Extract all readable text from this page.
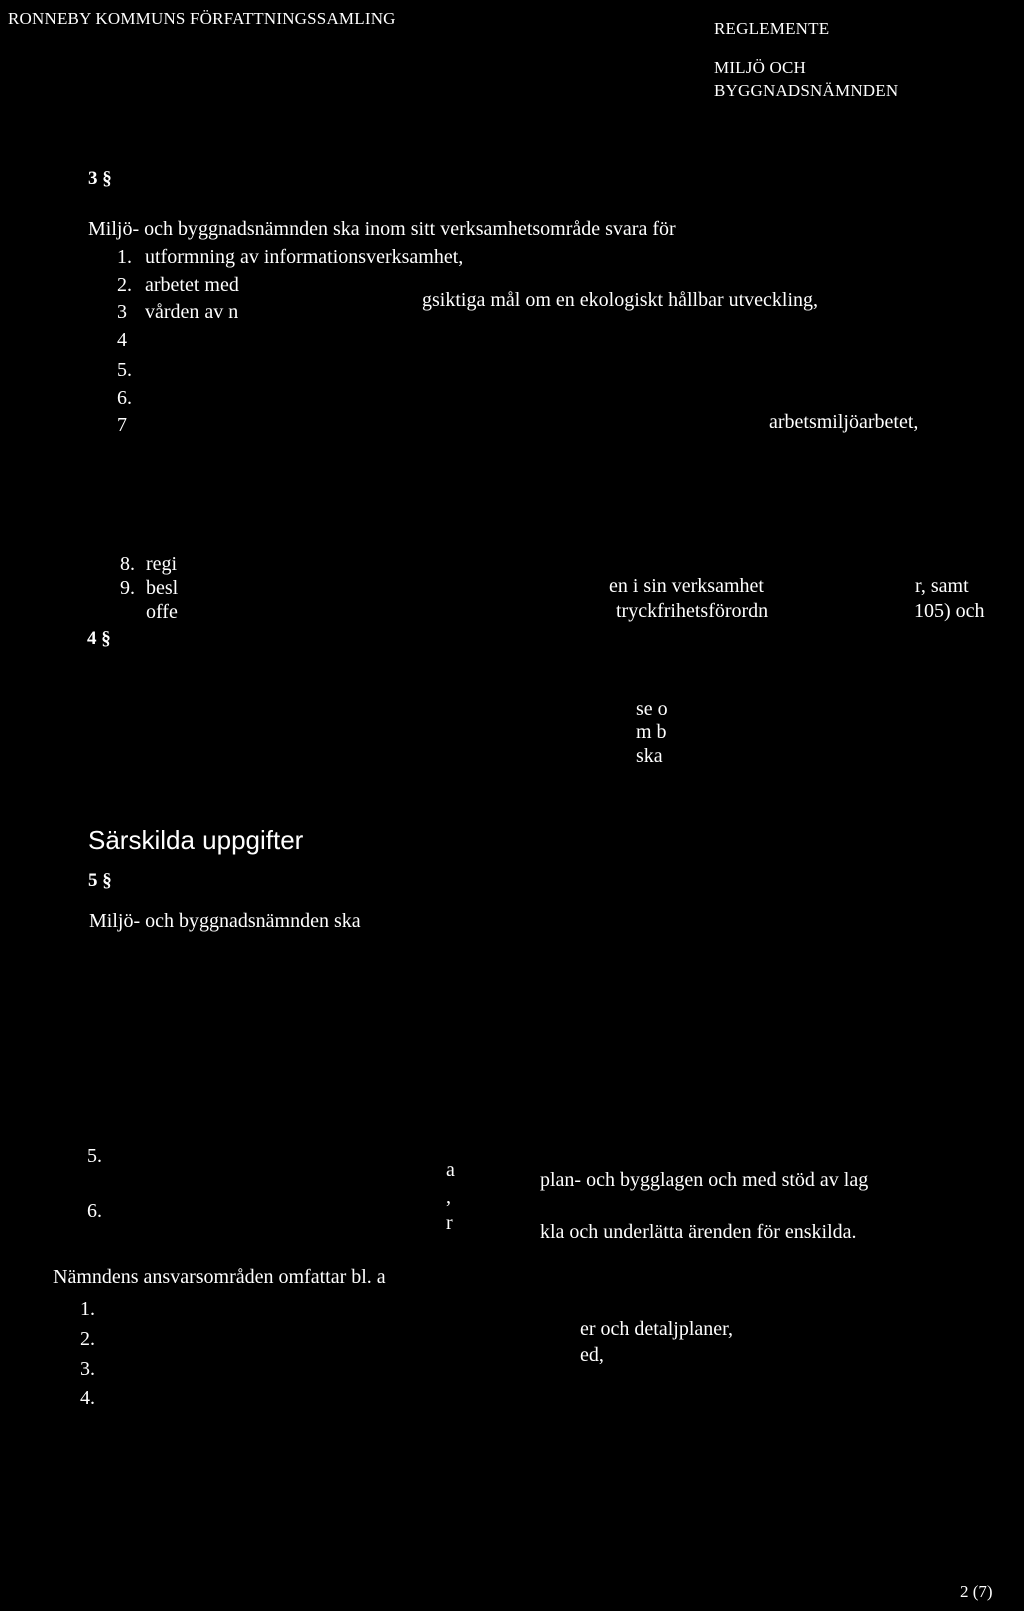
RONNEBY KOMMUNS FÖRFATTNINGSSAMLING
REGLEMENTE
MILJÖ OCH
BYGGNADSNÄMNDEN
3 §
Miljö- och byggnadsnämnden ska inom sitt verksamhetsområde svara för
1. utformning av informationsverksamhet,
2. arbetet med
gsiktiga mål om en ekologiskt hållbar utveckling,
3 vården av n
4
5.
6.
7	arbetsmiljöarbetet,
8. regi
en i sin verksamhet	r, samt
9. besl
tryckfrihetsförordn	105) och
offe
4 §
se o
m b
ska
Särskilda uppgifter
5 §
Miljö- och byggnadsnämnden ska
5.
a	plan- och bygglagen och med stöd av lag
6.
,
r	kla och underlätta ärenden för enskilda.
Nämndens ansvarsområden omfattar bl. a
1.
2.	er och detaljplaner,
3.
ed,
4.
2 (7)
